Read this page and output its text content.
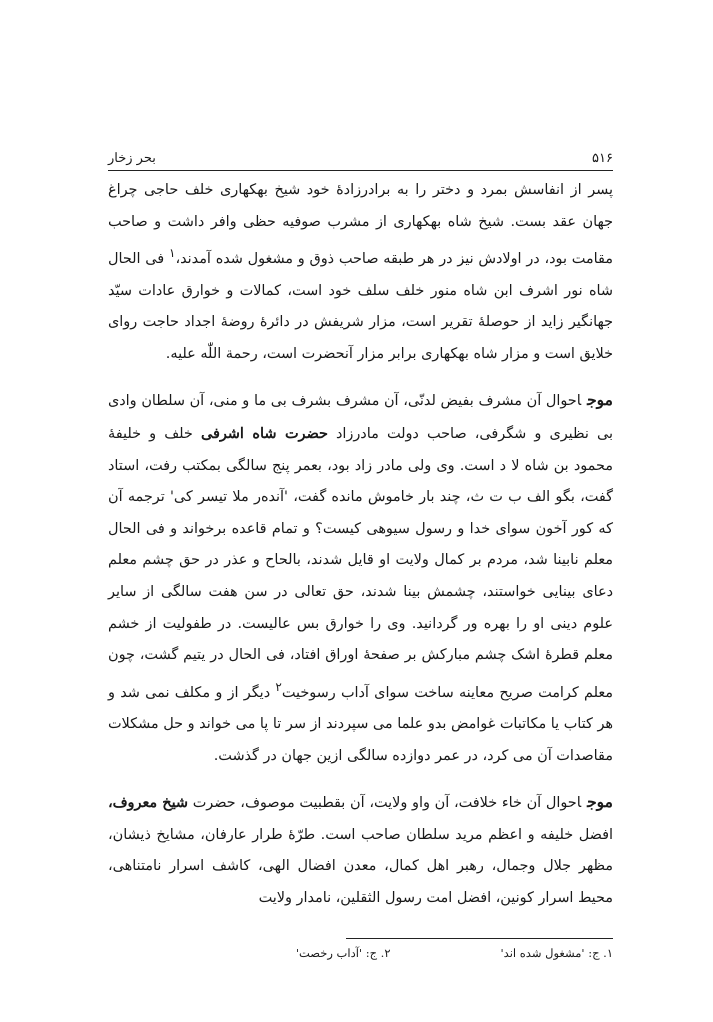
۵۱۶
بحر زخار

پسر از انفاسش بمرد و دختر را به برادرزادهٔ خود شیخ بهکهاری خلف حاجی چراغ جهان عقد بست. شیخ شاه بهکهاری از مشرب صوفیه حظی وافر داشت و صاحب مقامت بود، در اولادش نیز در هر طبقه صاحب ذوق و مشغول شده آمدند،$^۱$ فی الحال شاه نور اشرف ابن شاه منور خلف سلف خود است، کمالات و خوارق عادات سیّد جهانگیر زاید از حوصلهٔ تقریر است، مزار شریفش در دائرهٔ روضهٔ اجداد حاجت روای خلایق است و مزار شاه بهکهاری برابر مزار آنحضرت است، رحمة اللّٰه علیه.

موجاحوال آن مشرف بفیض لدنّی، آن مشرف بشرف بی ما و منی، آن سلطان وادی بی نظیری و شگرفی، صاحب دولت مادرزاد حضرت شاه اشرفی خلف و خلیفهٔ محمود بن شاه لا د است. وی ولی مادر زاد بود، بعمر پنج سالگی بمکتب رفت، استاد گفت، بگو الف ب ت ث، چند بار خاموش مانده گفت، 'آنده‌ر ملا تیسر کی' ترجمه آن که کور آخون سوای خدا و رسول سیوهی کیست؟ و تمام قاعده برخواند و فی الحال معلم نابینا شد، مردم بر کمال ولایت او قایل شدند، بالحاح و عذر در حق چشم معلم دعای بینایی خواستند، چشمش بینا شدند، حق تعالی در سن هفت سالگی از سایر علوم دینی او را بهره ور گردانید. وی را خوارق بس عالیست. در طفولیت از خشم معلم قطرهٔ اشک چشم مبارکش بر صفحهٔ اوراق افتاد، فی الحال در یتیم گشت، چون معلم کرامت صریح معاینه ساخت سوای آداب رسوخیت$^۲$ دیگر از و مکلف نمی شد و هر کتاب یا مکاتبات غوامض بدو علما می سپردند از سر تا پا می خواند و حل مشکلات مقاصدات آن می کرد، در عمر دوازده سالگی ازین جهان در گذشت.

موجاحوال آن خاء خلافت، آن واو ولایت، آن بقطبیت موصوف، حضرت شیخ معروف، افضل خلیفه و اعظم مرید سلطان صاحب است. طرّهٔ طرار عارفان، مشایخ ذیشان، مظهر جلال وجمال، رهبر اهل کمال، معدن افضال الهی، کاشف اسرار نامتناهی، محیط اسرار کونین، افضل امت رسول الثقلین، نامدار ولایت

۱. ج: 'مشغول شده اند'
۲. ج: 'آداب رخصت'
